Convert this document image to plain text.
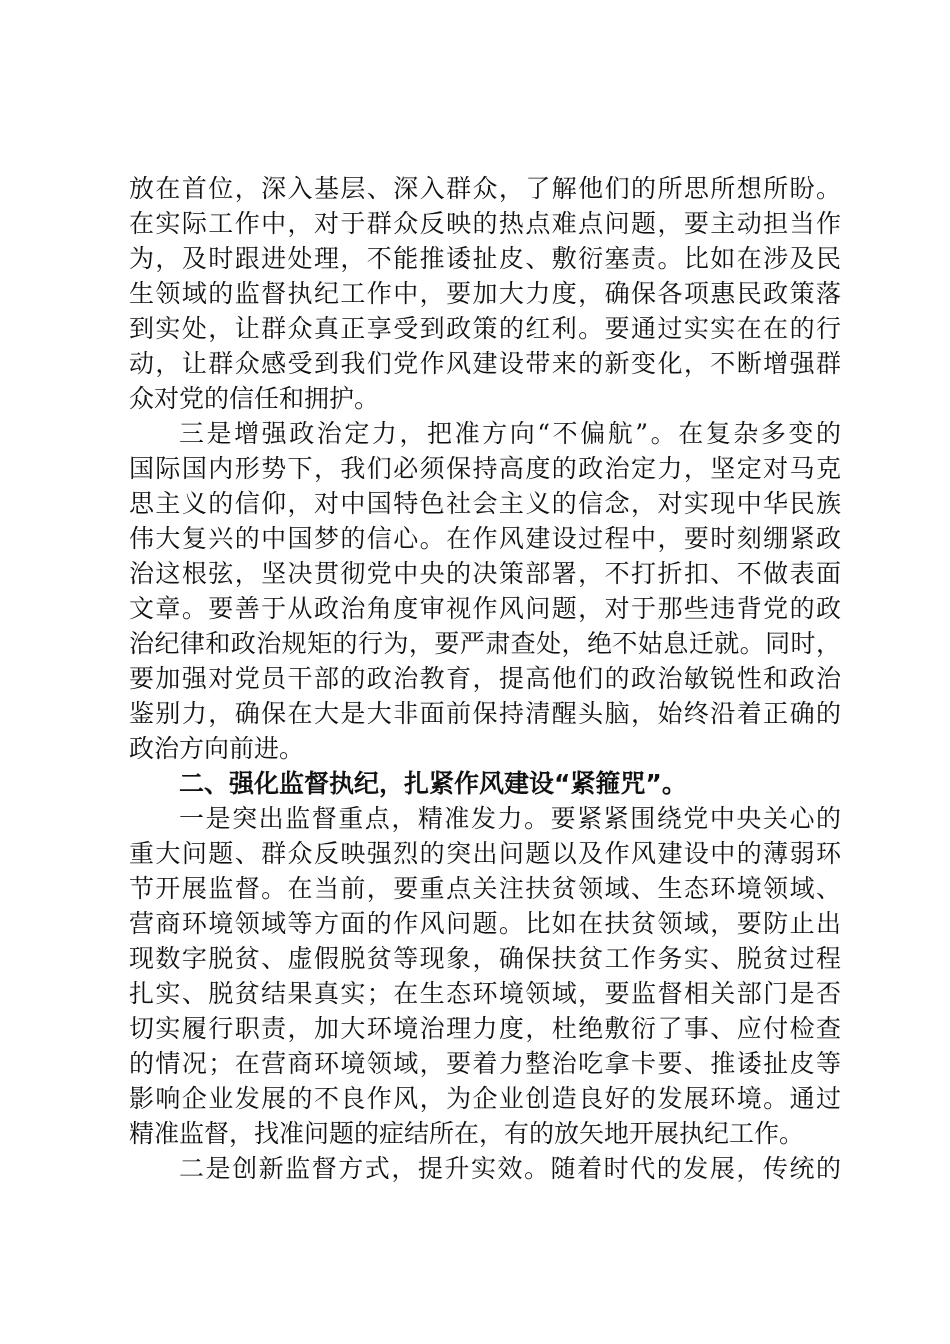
放在首位，深入基层、深入群众，了解他们的所思所想所盼。
在实际工作中，对于群众反映的热点难点问题，要主动担当作
为，及时跟进处理，不能推诿扯皮、敷衍塞责。比如在涉及民
生领域的监督执纪工作中，要加大力度，确保各项惠民政策落
到实处，让群众真正享受到政策的红利。要通过实实在在的行
动，让群众感受到我们党作风建设带来的新变化，不断增强群
众对党的信任和拥护。
三是增强政治定力，把准方向“不偏航”。在复杂多变的
国际国内形势下，我们必须保持高度的政治定力，坚定对马克
思主义的信仰，对中国特色社会主义的信念，对实现中华民族
伟大复兴的中国梦的信心。在作风建设过程中，要时刻绷紧政
治这根弦，坚决贯彻党中央的决策部署，不打折扣、不做表面
文章。要善于从政治角度审视作风问题，对于那些违背党的政
治纪律和政治规矩的行为，要严肃查处，绝不姑息迁就。同时，
要加强对党员干部的政治教育，提高他们的政治敏锐性和政治
鉴别力，确保在大是大非面前保持清醒头脑，始终沿着正确的
政治方向前进。
二、强化监督执纪，扎紧作风建设“紧箍咒”。
一是突出监督重点，精准发力。要紧紧围绕党中央关心的
重大问题、群众反映强烈的突出问题以及作风建设中的薄弱环
节开展监督。在当前，要重点关注扶贫领域、生态环境领域、
营商环境领域等方面的作风问题。比如在扶贫领域，要防止出
现数字脱贫、虚假脱贫等现象，确保扶贫工作务实、脱贫过程
扎实、脱贫结果真实；在生态环境领域，要监督相关部门是否
切实履行职责，加大环境治理力度，杜绝敷衍了事、应付检查
的情况；在营商环境领域，要着力整治吃拿卡要、推诿扯皮等
影响企业发展的不良作风，为企业创造良好的发展环境。通过
精准监督，找准问题的症结所在，有的放矢地开展执纪工作。
二是创新监督方式，提升实效。随着时代的发展，传统的
